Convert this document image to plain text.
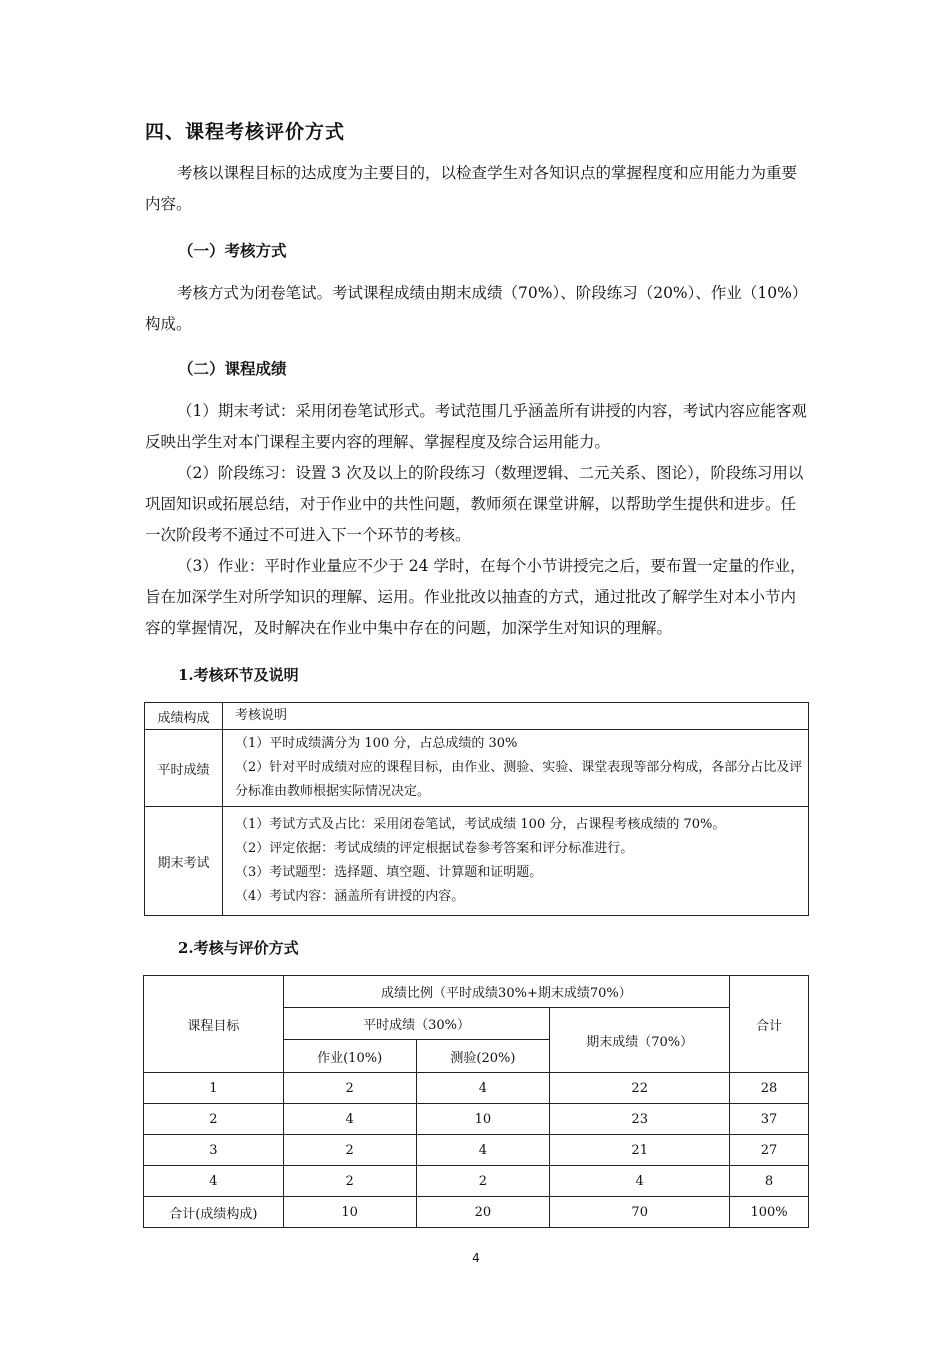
四、课程考核评价方式

考核以课程目标的达成度为主要目的，以检查学生对各知识点的掌握程度和应用能力为重要内容。

（一）考核方式

考核方式为闭卷笔试。考试课程成绩由期末成绩（70%）、阶段练习（20%）、作业（10%）构成。

（二）课程成绩

（1）期末考试：采用闭卷笔试形式。考试范围几乎涵盖所有讲授的内容，考试内容应能客观反映出学生对本门课程主要内容的理解、掌握程度及综合运用能力。

（2）阶段练习：设置 3 次及以上的阶段练习（数理逻辑、二元关系、图论），阶段练习用以巩固知识或拓展总结，对于作业中的共性问题，教师须在课堂讲解，以帮助学生提供和进步。任一次阶段考不通过不可进入下一个环节的考核。

（3）作业：平时作业量应不少于 24 学时，在每个小节讲授完之后，要布置一定量的作业，旨在加深学生对所学知识的理解、运用。作业批改以抽查的方式，通过批改了解学生对本小节内容的掌握情况，及时解决在作业中集中存在的问题，加深学生对知识的理解。

1.考核环节及说明
成绩构成	考核说明
平时成绩	（1）平时成绩满分为 100 分，占总成绩的 30%
（2）针对平时成绩对应的课程目标，由作业、测验、实验、课堂表现等部分构成，各部分占比及评分标准由教师根据实际情况决定。

期末考试	（1）考试方式及占比：采用闭卷笔试，考试成绩 100 分，占课程考核成绩的 70%。
（2）评定依据：考试成绩的评定根据试卷参考答案和评分标准进行。
（3）考试题型：选择题、填空题、计算题和证明题。
（4）考试内容：涵盖所有讲授的内容。
2.考核与评价方式
课程目标	成绩比例（平时成绩30%+期末成绩70%）			合计
	平时成绩（30%）		期末成绩（70%）	
	作业(10%)	测验(20%)		
1	2	4	22	28
2	4	10	23	37
3	2	4	21	27
4	2	2	4	8
合计(成绩构成)	10	20	70	100%
4
